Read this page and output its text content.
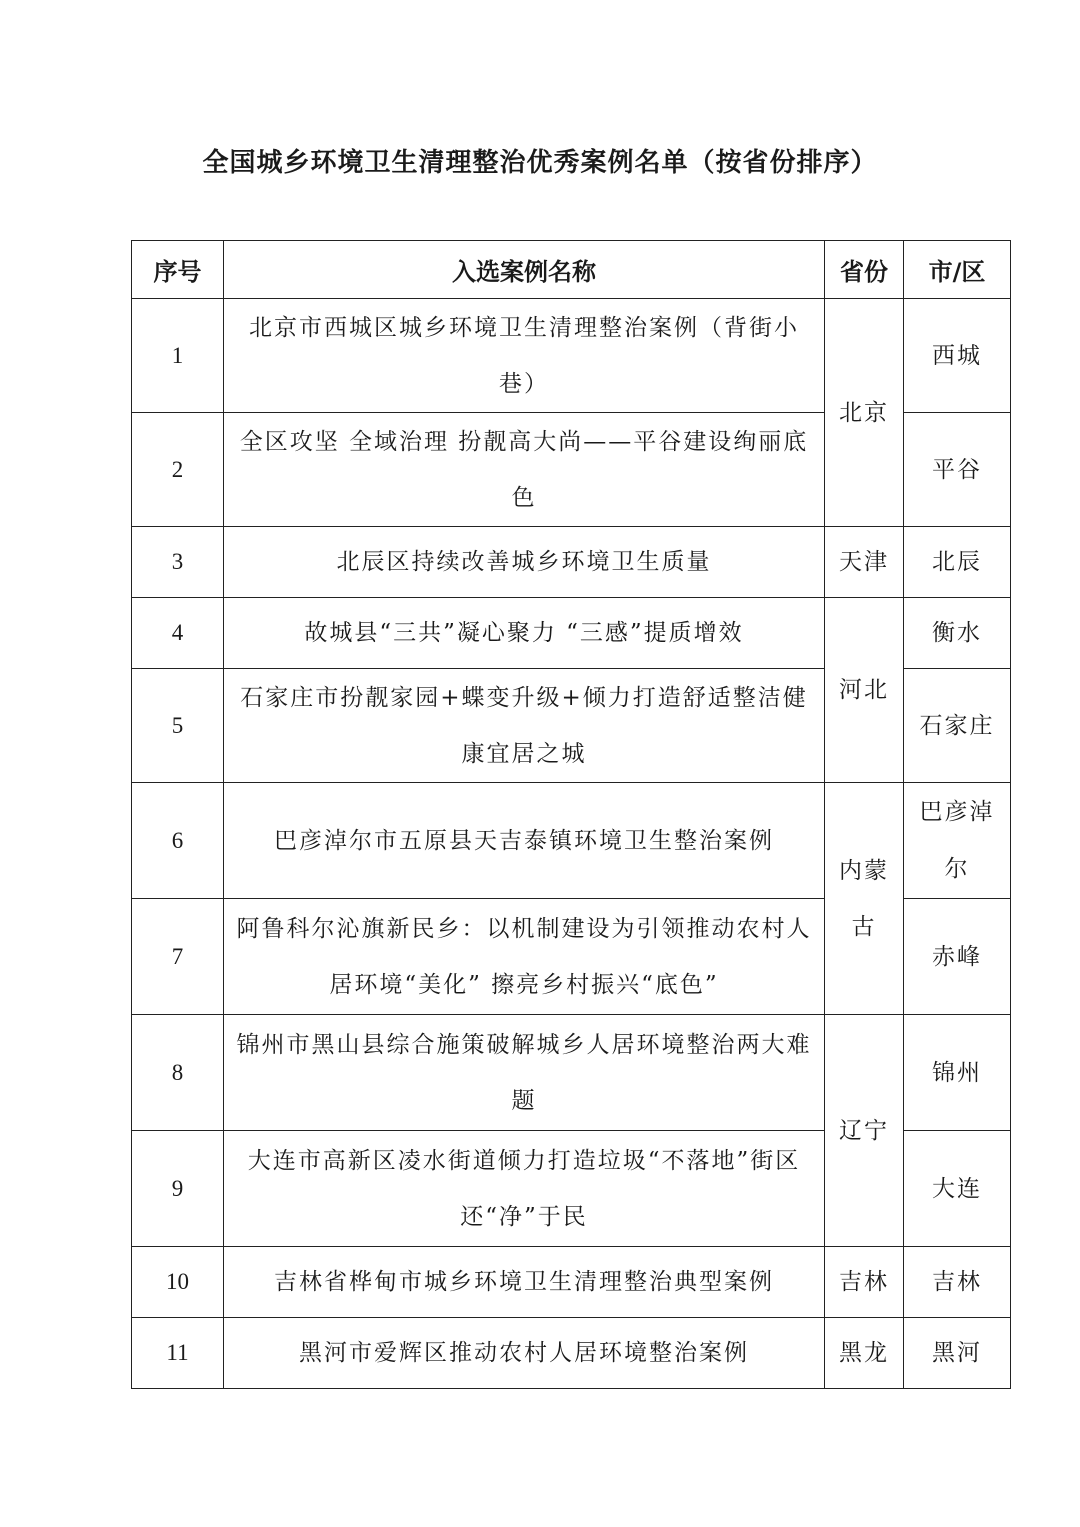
全国城乡环境卫生清理整治优秀案例名单（按省份排序）
序号	入选案例名称	省份	市/区
1	北京市西城区城乡环境卫生清理整治案例（背街小巷）	北京	西城
2	全区攻坚 全域治理 扮靓高大尚——平谷建设绚丽底色		平谷
3	北辰区持续改善城乡环境卫生质量	天津	北辰
4	故城县“三共”凝心聚力 “三感”提质增效	河北	衡水
5	石家庄市扮靓家园+蝶变升级+倾力打造舒适整洁健康宜居之城		石家庄
6	巴彦淖尔市五原县天吉泰镇环境卫生整治案例	内蒙古	巴彦淖尔
7	阿鲁科尔沁旗新民乡：以机制建设为引领推动农村人居环境“美化” 擦亮乡村振兴“底色”		赤峰
8	锦州市黑山县综合施策破解城乡人居环境整治两大难题	辽宁	锦州
9	大连市高新区凌水街道倾力打造垃圾“不落地”街区 还“净”于民		大连
10	吉林省桦甸市城乡环境卫生清理整治典型案例	吉林	吉林
11	黑河市爱辉区推动农村人居环境整治案例	黑龙	黑河
